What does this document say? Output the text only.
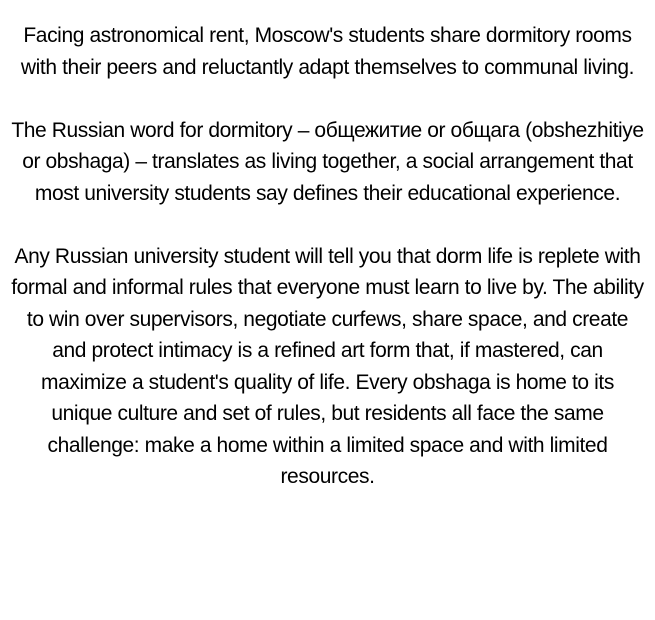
Facing astronomical rent, Moscow's students share dormitory rooms with their peers and reluctantly adapt themselves to communal living.

The Russian word for dormitory – общежитие or общага (obshezhitiye or obshaga) – translates as living together, a social arrangement that most university students say defines their educational experience.

Any Russian university student will tell you that dorm life is replete with formal and informal rules that everyone must learn to live by. The ability to win over supervisors, negotiate curfews, share space, and create and protect intimacy is a refined art form that, if mastered, can maximize a student's quality of life. Every obshaga is home to its unique culture and set of rules, but residents all face the same challenge: make a home within a limited space and with limited resources.
